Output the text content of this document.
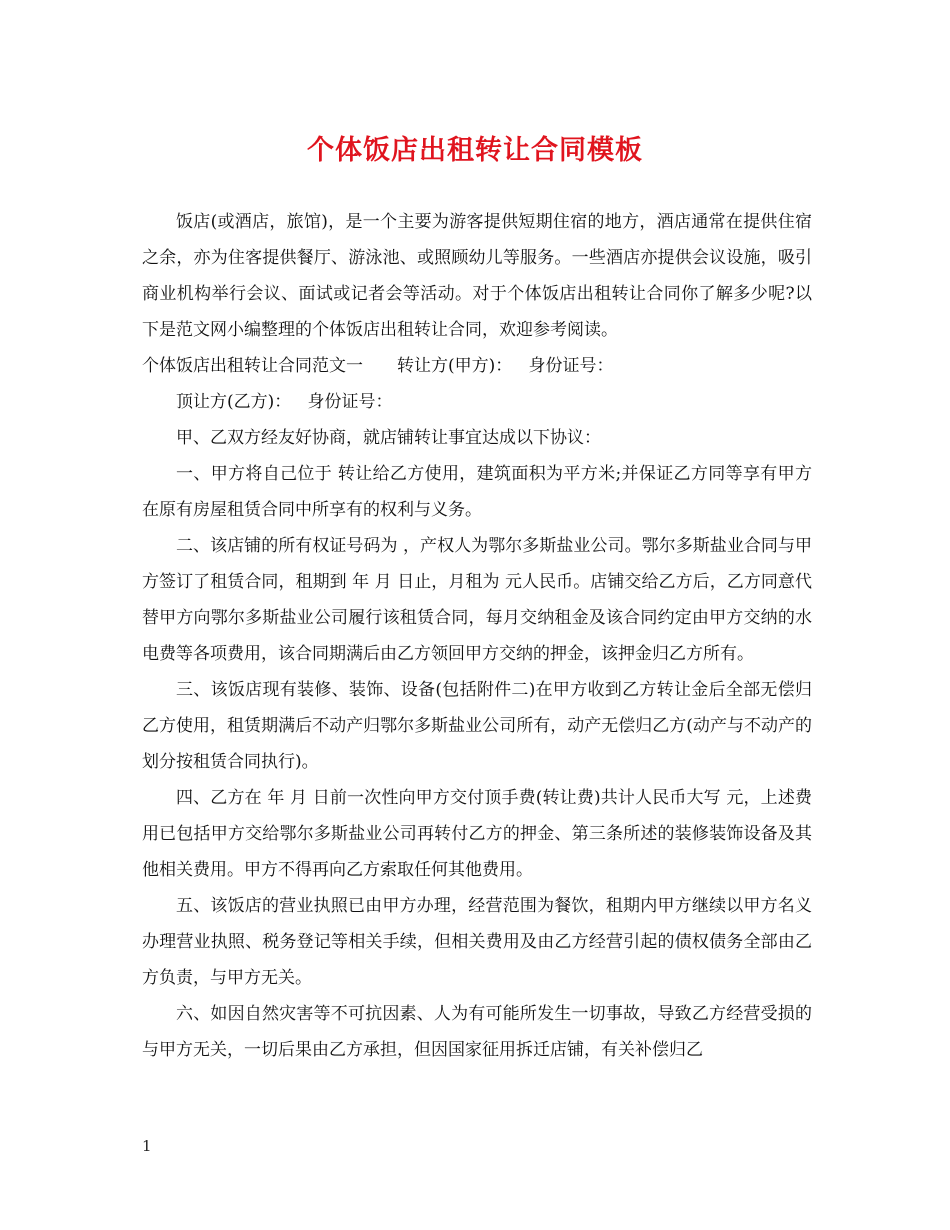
个体饭店出租转让合同模板

饭店(或酒店，旅馆)，是一个主要为游客提供短期住宿的地方，酒店通常在提供住宿之余，亦为住客提供餐厅、游泳池、或照顾幼儿等服务。一些酒店亦提供会议设施，吸引商业机构举行会议、面试或记者会等活动。对于个体饭店出租转让合同你了解多少呢?以下是范文网小编整理的个体饭店出租转让合同，欢迎参考阅读。

个体饭店出租转让合同范文一 转让方(甲方)： 身份证号：

顶让方(乙方)： 身份证号：

甲、乙双方经友好协商，就店铺转让事宜达成以下协议：

一、甲方将自己位于 转让给乙方使用，建筑面积为平方米;并保证乙方同等享有甲方在原有房屋租赁合同中所享有的权利与义务。

二、该店铺的所有权证号码为 ，产权人为鄂尔多斯盐业公司。鄂尔多斯盐业合同与甲方签订了租赁合同，租期到 年 月 日止，月租为 元人民币。店铺交给乙方后，乙方同意代替甲方向鄂尔多斯盐业公司履行该租赁合同，每月交纳租金及该合同约定由甲方交纳的水电费等各项费用，该合同期满后由乙方领回甲方交纳的押金，该押金归乙方所有。

三、该饭店现有装修、装饰、设备(包括附件二)在甲方收到乙方转让金后全部无偿归乙方使用，租赁期满后不动产归鄂尔多斯盐业公司所有，动产无偿归乙方(动产与不动产的划分按租赁合同执行)。

四、乙方在 年 月 日前一次性向甲方交付顶手费(转让费)共计人民币大写 元，上述费用已包括甲方交给鄂尔多斯盐业公司再转付乙方的押金、第三条所述的装修装饰设备及其他相关费用。甲方不得再向乙方索取任何其他费用。

五、该饭店的营业执照已由甲方办理，经营范围为餐饮，租期内甲方继续以甲方名义办理营业执照、税务登记等相关手续，但相关费用及由乙方经营引起的债权债务全部由乙方负责，与甲方无关。

六、如因自然灾害等不可抗因素、人为有可能所发生一切事故，导致乙方经营受损的与甲方无关，一切后果由乙方承担，但因国家征用拆迁店铺，有关补偿归乙

1
